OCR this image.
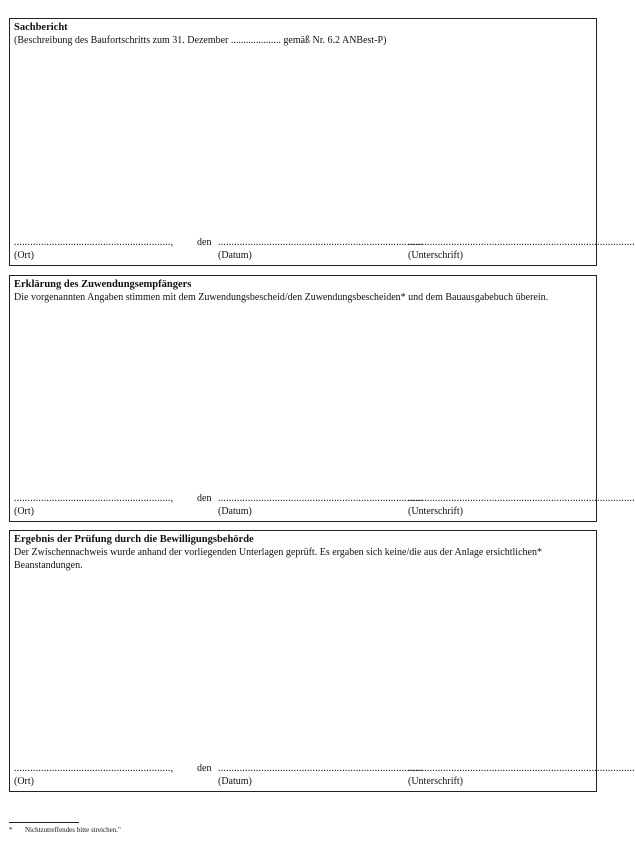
Sachbericht
(Beschreibung des Baufortschritts zum 31. Dezember .................... gemäß Nr. 6.2 ANBest-P)
..........................................................,	den ............................................................................
....................................................................................
(Ort)	(Datum)	(Unterschrift)
Erklärung des Zuwendungsempfängers
Die vorgenannten Angaben stimmen mit dem Zuwendungsbescheid/den Zuwendungsbescheiden* und dem Bauausgabebuch überein.
..........................................................,	den ............................................................................
....................................................................................
(Ort)	(Datum)	(Unterschrift)
Ergebnis der Prüfung durch die Bewilligungsbehörde
Der Zwischennachweis wurde anhand der vorliegenden Unterlagen geprüft. Es ergaben sich keine/die aus der Anlage ersichtlichen* Beanstandungen.
..........................................................,	den ............................................................................
....................................................................................
(Ort)	(Datum)	(Unterschrift)
* Nichtzutreffendes bitte streichen."
